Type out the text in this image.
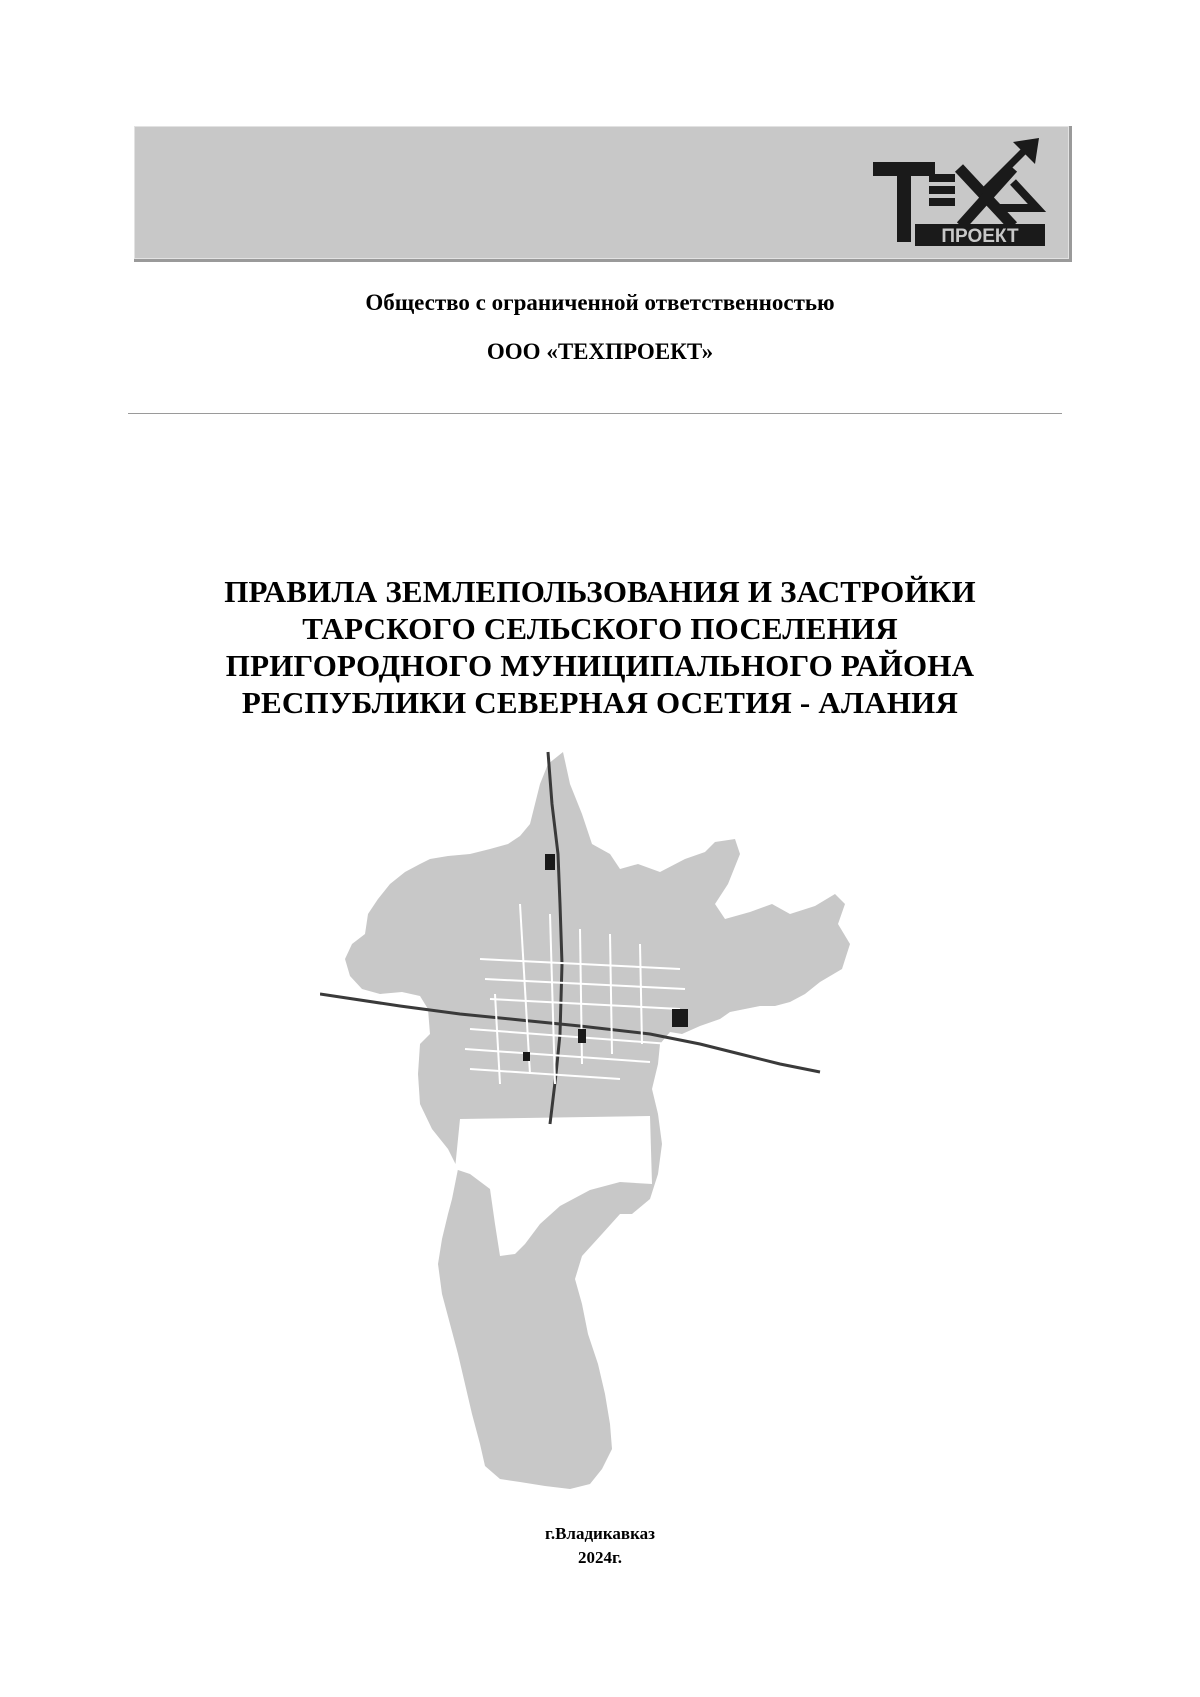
ПРОЕКТ
Общество с ограниченной ответственностью
ООО «ТЕХПРОЕКТ»
ПРАВИЛА ЗЕМЛЕПОЛЬЗОВАНИЯ И ЗАСТРОЙКИ
ТАРСКОГО СЕЛЬСКОГО ПОСЕЛЕНИЯ
ПРИГОРОДНОГО МУНИЦИПАЛЬНОГО РАЙОНА
РЕСПУБЛИКИ СЕВЕРНАЯ ОСЕТИЯ - АЛАНИЯ
г.Владикавказ
2024г.
